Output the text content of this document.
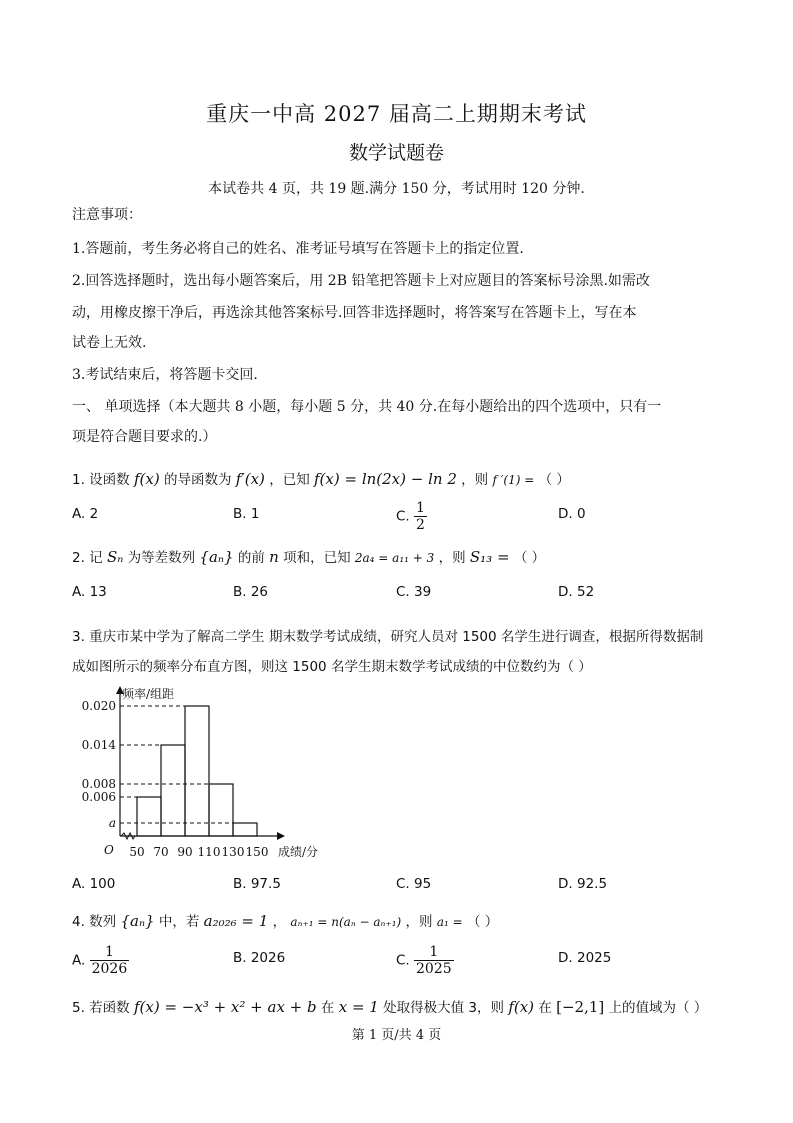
重庆一中高 2027 届高二上期期末考试
数学试题卷
本试卷共 4 页，共 19 题.满分 150 分，考试用时 120 分钟.
注意事项：
1.答题前，考生务必将自己的姓名、准考证号填写在答题卡上的指定位置.
2.回答选择题时，选出每小题答案后，用 2B 铅笔把答题卡上对应题目的答案标号涂黑.如需改
动，用橡皮擦干净后，再选涂其他答案标号.回答非选择题时，将答案写在答题卡上，写在本
试卷上无效.
3.考试结束后，将答题卡交回.
一、 单项选择（本大题共 8 小题，每小题 5 分，共 40 分.在每小题给出的四个选项中，只有一
项是符合题目要求的.）
1. 设函数 f(x) 的导函数为 f′(x) ，已知 f(x) = ln(2x) − ln 2 ，则 f ′(1) = （ ）
A. 2	B. 1	C. $\frac{1}{2}$	D. 0
2. 记 Sₙ 为等差数列 {aₙ} 的前 n 项和，已知 2a₄ = a₁₁ + 3 ，则 S₁₃ = （ ）
A. 13	B. 26	C. 39	D. 52
3. 重庆市某中学为了解高二学生 期末数学考试成绩，研究人员对 1500 名学生进行调查，根据所得数据制
成如图所示的频率分布直方图，则这 1500 名学生期末数学考试成绩的中位数约为（ ）
频率/组距
成绩/分
O
0.020
0.014
0.008
0.006
a
50 70 90 110 130 150
A. 100	B. 97.5	C. 95	D. 92.5
4. 数列 {aₙ} 中，若 a₂₀₂₆ = 1 ， aₙ₊₁ = n(aₙ − aₙ₊₁) ，则 a₁ = （ ）
A. $\frac{1}{2026}$	B. 2026	C. $\frac{1}{2025}$	D. 2025
5. 若函数 f(x) = −x³ + x² + ax + b 在 x = 1 处取得极大值 3，则 f(x) 在 [−2,1] 上的值域为（ ）
第 1 页/共 4 页
